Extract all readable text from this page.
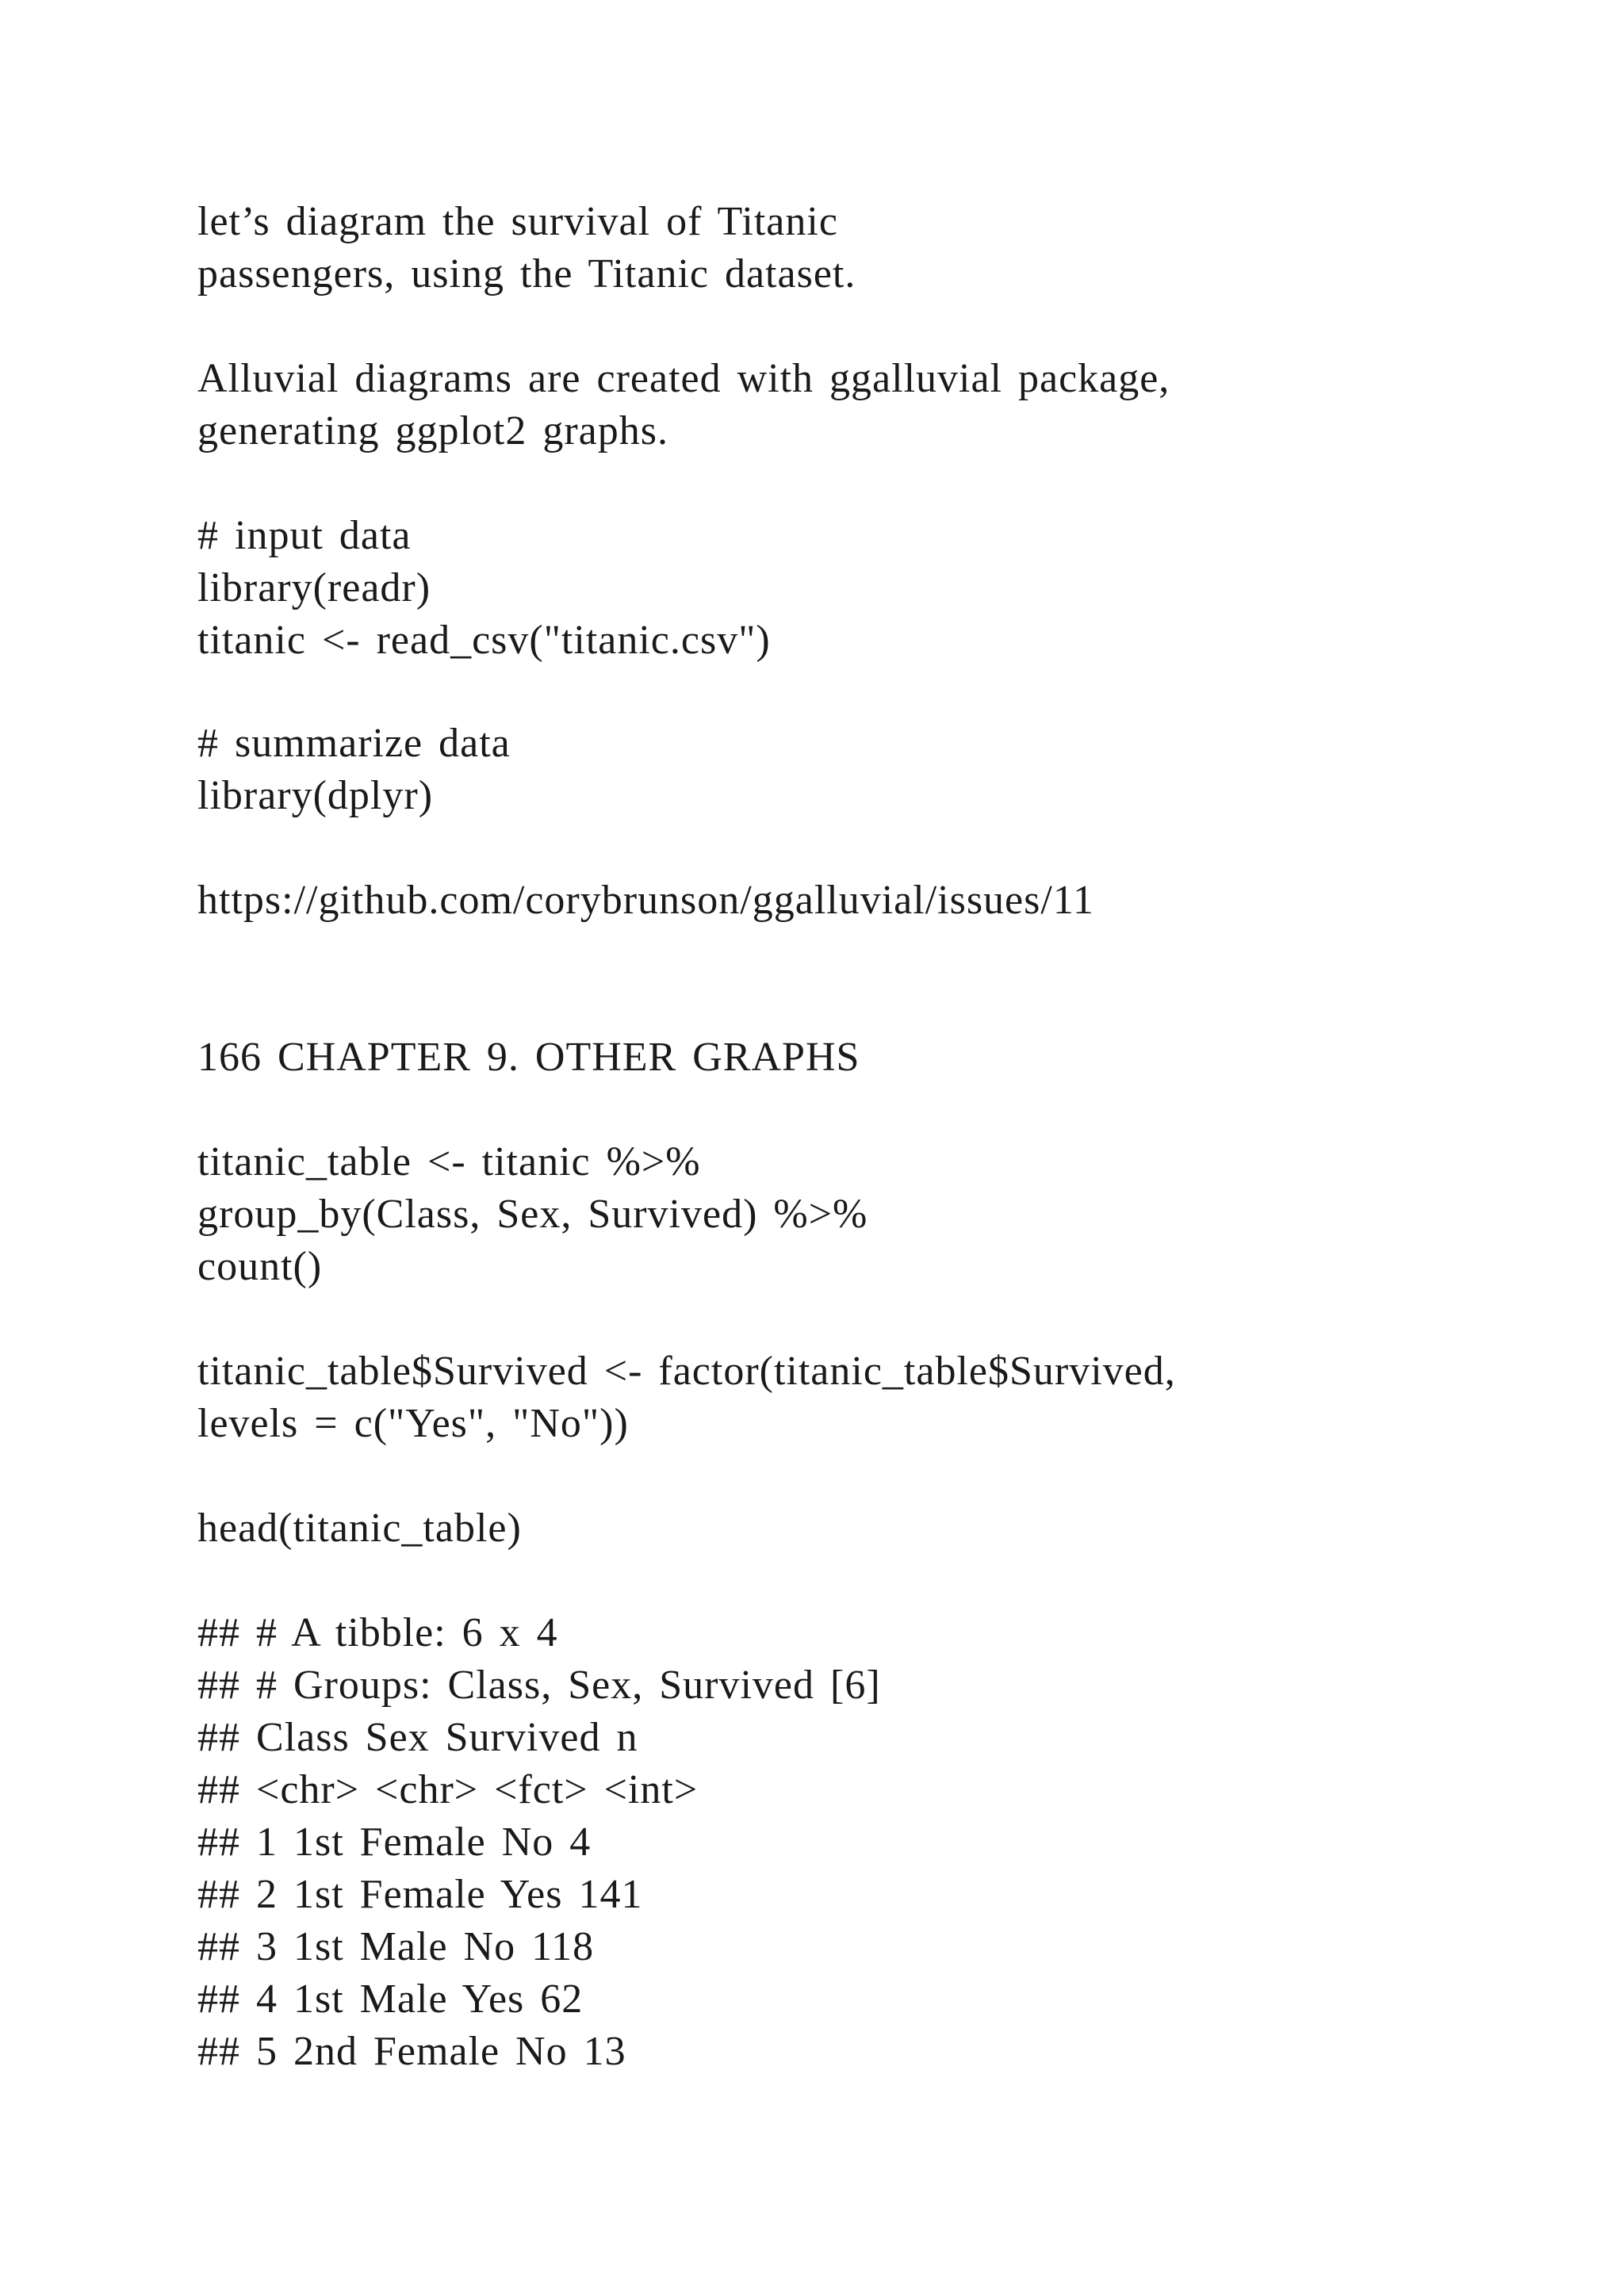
let’s diagram the survival of Titanic
passengers, using the Titanic dataset.
Alluvial diagrams are created with ggalluvial package,
generating ggplot2 graphs.
# input data
library(readr)
titanic <- read_csv("titanic.csv")
# summarize data
library(dplyr)
https://github.com/corybrunson/ggalluvial/issues/11
166 CHAPTER 9. OTHER GRAPHS
titanic_table <- titanic %>%
group_by(Class, Sex, Survived) %>%
count()
titanic_table$Survived <- factor(titanic_table$Survived,
levels = c("Yes", "No"))
head(titanic_table)
## # A tibble: 6 x 4
## # Groups: Class, Sex, Survived [6]
## Class Sex Survived n
## <chr> <chr> <fct> <int>
## 1 1st Female No 4
## 2 1st Female Yes 141
## 3 1st Male No 118
## 4 1st Male Yes 62
## 5 2nd Female No 13
